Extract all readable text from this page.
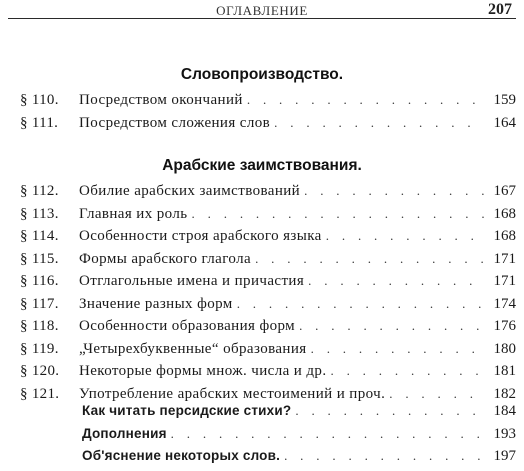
ОГЛАВЛЕНИЕ	207
Словопроизводство.
§ 110.	Посредством окончаний . . .	159
§ 111.	Посредством сложения слов . . .	164
Арабские заимствования.
§ 112.	Обилие арабских заимствований . . .	167
§ 113.	Главная их роль . . .	168
§ 114.	Особенности строя арабского языка . . .	168
§ 115.	Формы арабского глагола . . .	171
§ 116.	Отглагольные имена и причастия . . .	171
§ 117.	Значение разных форм . . .	174
§ 118.	Особенности образования форм . . .	176
§ 119.	„Четырехбуквенные“ образования . . .	180
§ 120.	Некоторые формы множ. числа и др. . . .	181
§ 121.	Употребление арабских местоимений и проч. . . .	182
Как читать персидские стихи? . . .	184
Дополнения . . .	193
Об'яснение некоторых слов. . . .	197
